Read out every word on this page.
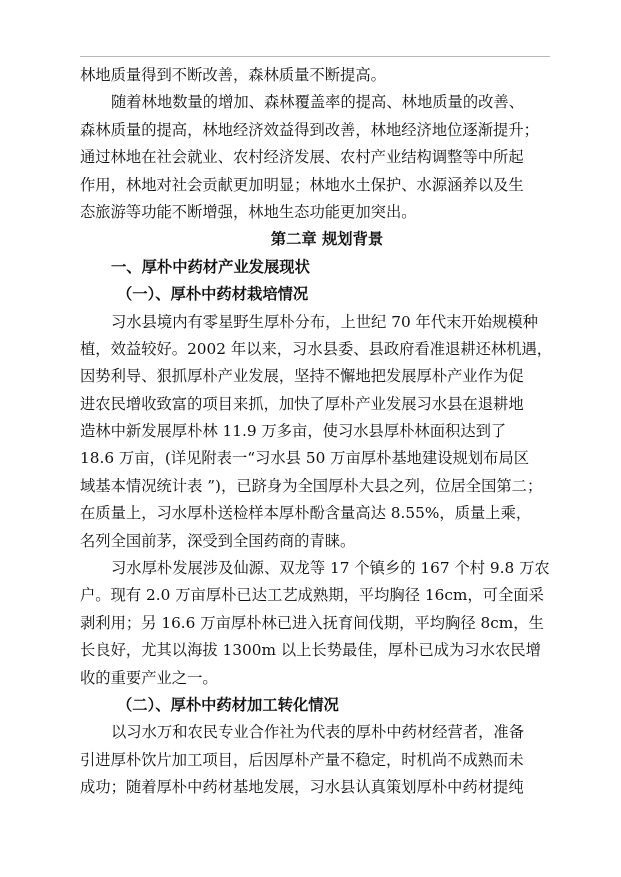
林地质量得到不断改善，森林质量不断提高。
随着林地数量的增加、森林覆盖率的提高、林地质量的改善、
森林质量的提高，林地经济效益得到改善，林地经济地位逐渐提升；
通过林地在社会就业、农村经济发展、农村产业结构调整等中所起
作用，林地对社会贡献更加明显；林地水土保护、水源涵养以及生
态旅游等功能不断增强，林地生态功能更加突出。
第二章 规划背景
一、厚朴中药材产业发展现状
（一）、厚朴中药材栽培情况
习水县境内有零星野生厚朴分布，上世纪 70 年代末开始规模种
植，效益较好。2002 年以来，习水县委、县政府看准退耕还林机遇，
因势利导、狠抓厚朴产业发展，坚持不懈地把发展厚朴产业作为促
进农民增收致富的项目来抓，加快了厚朴产业发展习水县在退耕地
造林中新发展厚朴林 11.9 万多亩，使习水县厚朴林面积达到了
18.6 万亩，(详见附表一“习水县 50 万亩厚朴基地建设规划布局区
域基本情况统计表 ”)，已跻身为全国厚朴大县之列，位居全国第二；
在质量上，习水厚朴送检样本厚朴酚含量高达 8.55%，质量上乘，
名列全国前茅，深受到全国药商的青睐。
习水厚朴发展涉及仙源、双龙等 17 个镇乡的 167 个村 9.8 万农
户。现有 2.0 万亩厚朴已达工艺成熟期，平均胸径 16cm，可全面采
剥利用；另 16.6 万亩厚朴林已进入抚育间伐期，平均胸径 8cm，生
长良好，尤其以海拔 1300m 以上长势最佳，厚朴已成为习水农民增
收的重要产业之一。
（二）、厚朴中药材加工转化情况
以习水万和农民专业合作社为代表的厚朴中药材经营者，准备
引进厚朴饮片加工项目，后因厚朴产量不稳定，时机尚不成熟而未
成功；随着厚朴中药材基地发展，习水县认真策划厚朴中药材提纯
